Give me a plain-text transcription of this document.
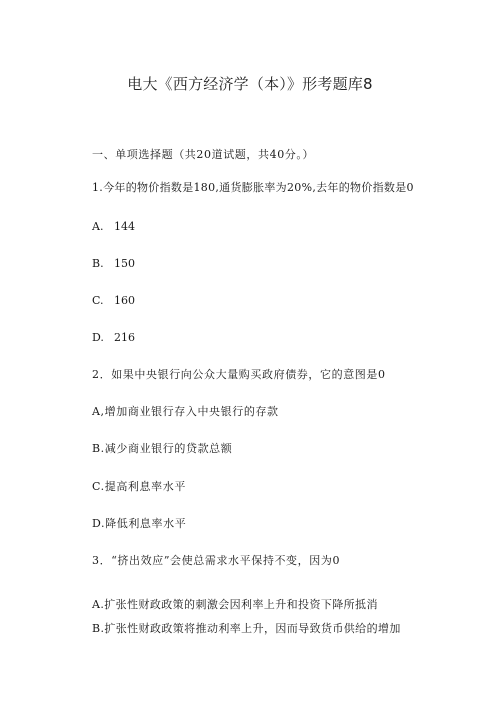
电大《西方经济学（本）》形考题库8
一、单项选择题（共20道试题，共40分。）
1.今年的物价指数是180,通货膨胀率为20%,去年的物价指数是0
A. 144
B. 150
C. 160
D. 216
2．如果中央银行向公众大量购买政府债券，它的意图是0
A,增加商业银行存入中央银行的存款
B.减少商业银行的贷款总额
C.提高利息率水平
D.降低利息率水平
3．“挤出效应”会使总需求水平保持不变，因为0
A.扩张性财政政策的刺激会因利率上升和投资下降所抵消
B.扩张性财政政策将推动利率上升，因而导致货币供给的增加
